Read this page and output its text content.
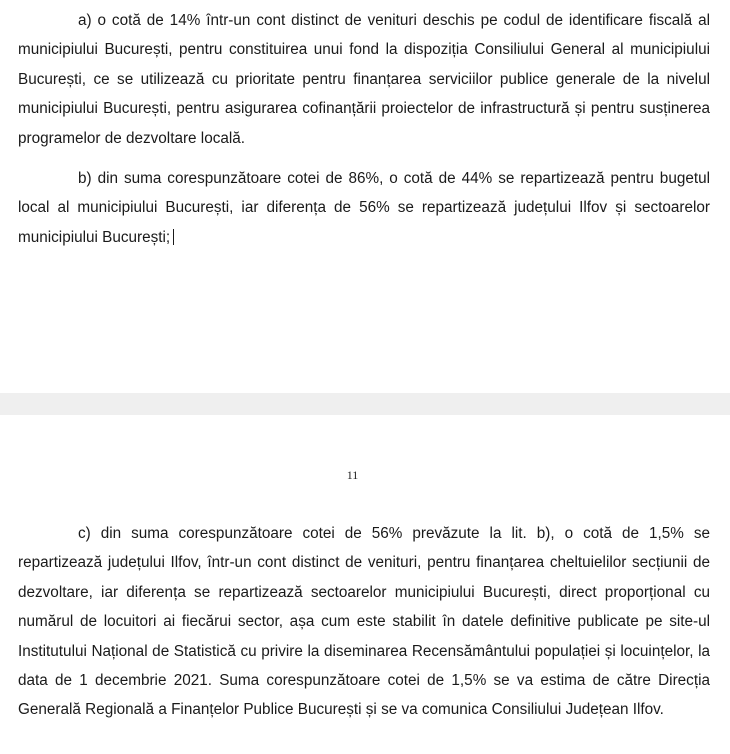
a) o cotă de 14% într-un cont distinct de venituri deschis pe codul de identificare fiscală al municipiului București, pentru constituirea unui fond la dispoziția Consiliului General al municipiului București, ce se utilizează cu prioritate pentru finanțarea serviciilor publice generale de la nivelul municipiului București, pentru asigurarea cofinanțării proiectelor de infrastructură și pentru susținerea programelor de dezvoltare locală.

b) din suma corespunzătoare cotei de 86%, o cotă de 44% se repartizează pentru bugetul local al municipiului București, iar diferența de 56% se repartizează județului Ilfov și sectoarelor municipiului București;

11

c) din suma corespunzătoare cotei de 56% prevăzute la lit. b), o cotă de 1,5% se repartizează județului Ilfov, într-un cont distinct de venituri, pentru finanțarea cheltuielilor secțiunii de dezvoltare, iar diferența se repartizează sectoarelor municipiului București, direct proporțional cu numărul de locuitori ai fiecărui sector, așa cum este stabilit în datele definitive publicate pe site-ul Institutului Național de Statistică cu privire la diseminarea Recensământului populației și locuințelor, la data de 1 decembrie 2021. Suma corespunzătoare cotei de 1,5% se va estima de către Direcția Generală Regională a Finanțelor Publice București și se va comunica Consiliului Județean Ilfov.
